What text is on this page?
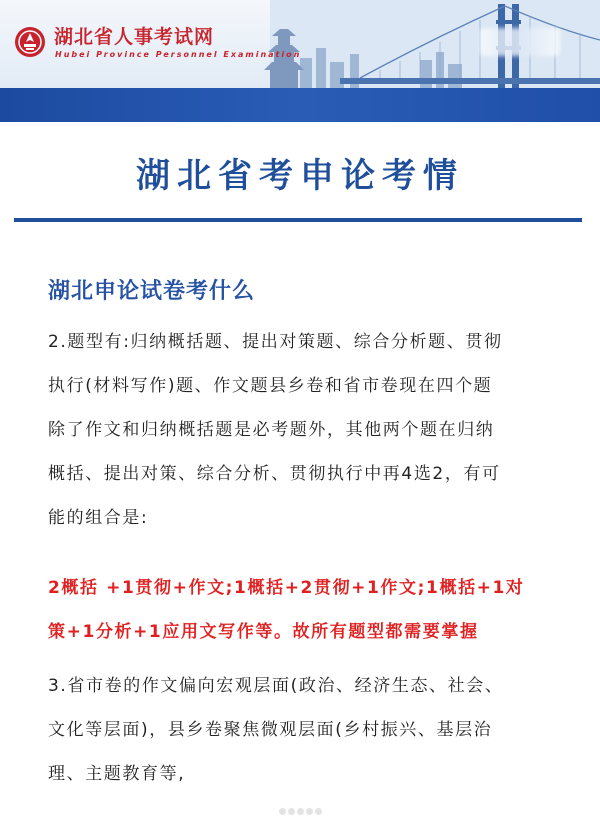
湖北省人事考试网
Hubei Province Personnel Examination
湖北省考申论考情
湖北申论试卷考什么
2.题型有:归纳概括题、提出对策题、综合分析题、贯彻
执行(材料写作)题、作文题县乡卷和省市卷现在四个题
除了作文和归纳概括题是必考题外，其他两个题在归纳
概括、提出对策、综合分析、贯彻执行中再4选2，有可
能的组合是:
2概括 +1贯彻+作文;1概括+2贯彻+1作文;1概括+1对
策+1分析+1应用文写作等。故所有题型都需要掌握
3.省市卷的作文偏向宏观层面(政治、经济生态、社会、
文化等层面)，县乡卷聚焦微观层面(乡村振兴、基层治
理、主题教育等,
